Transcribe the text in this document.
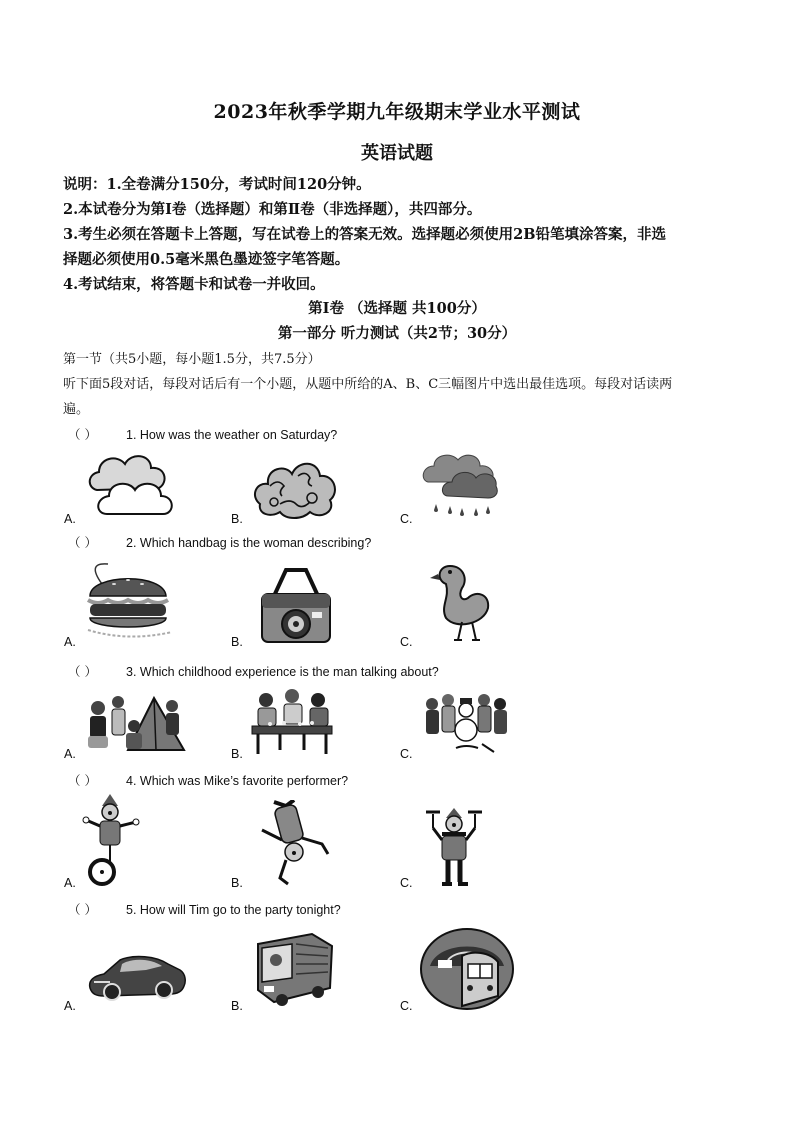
2023年秋季学期九年级期末学业水平测试
英语试题
说明：1.全卷满分150分，考试时间120分钟。
2.本试卷分为第Ⅰ卷（选择题）和第Ⅱ卷（非选择题），共四部分。
3.考生必须在答题卡上答题，写在试卷上的答案无效。选择题必须使用2B铅笔填涂答案，非选
择题必须使用0.5毫米黑色墨迹签字笔答题。
4.考试结束，将答题卡和试卷一并收回。
第Ⅰ卷 （选择题 共100分）
第一部分 听力测试（共2节；30分）
第一节（共5小题，每小题1.5分，共7.5分）
听下面5段对话，每段对话后有一个小题，从题中所给的A、B、C三幅图片中选出最佳选项。每段对话读两
遍。
（ ） 1. How was the weather on Saturday?
A.	B.	C.
（ ） 2. Which handbag is the woman describing?
A.	B.	C.
（ ） 3. Which childhood experience is the man talking about?
A.	B.	C.
（ ） 4. Which was Mike’s favorite performer?
A.	B.	C.
（ ） 5. How will Tim go to the party tonight?
A.	B.	C.
